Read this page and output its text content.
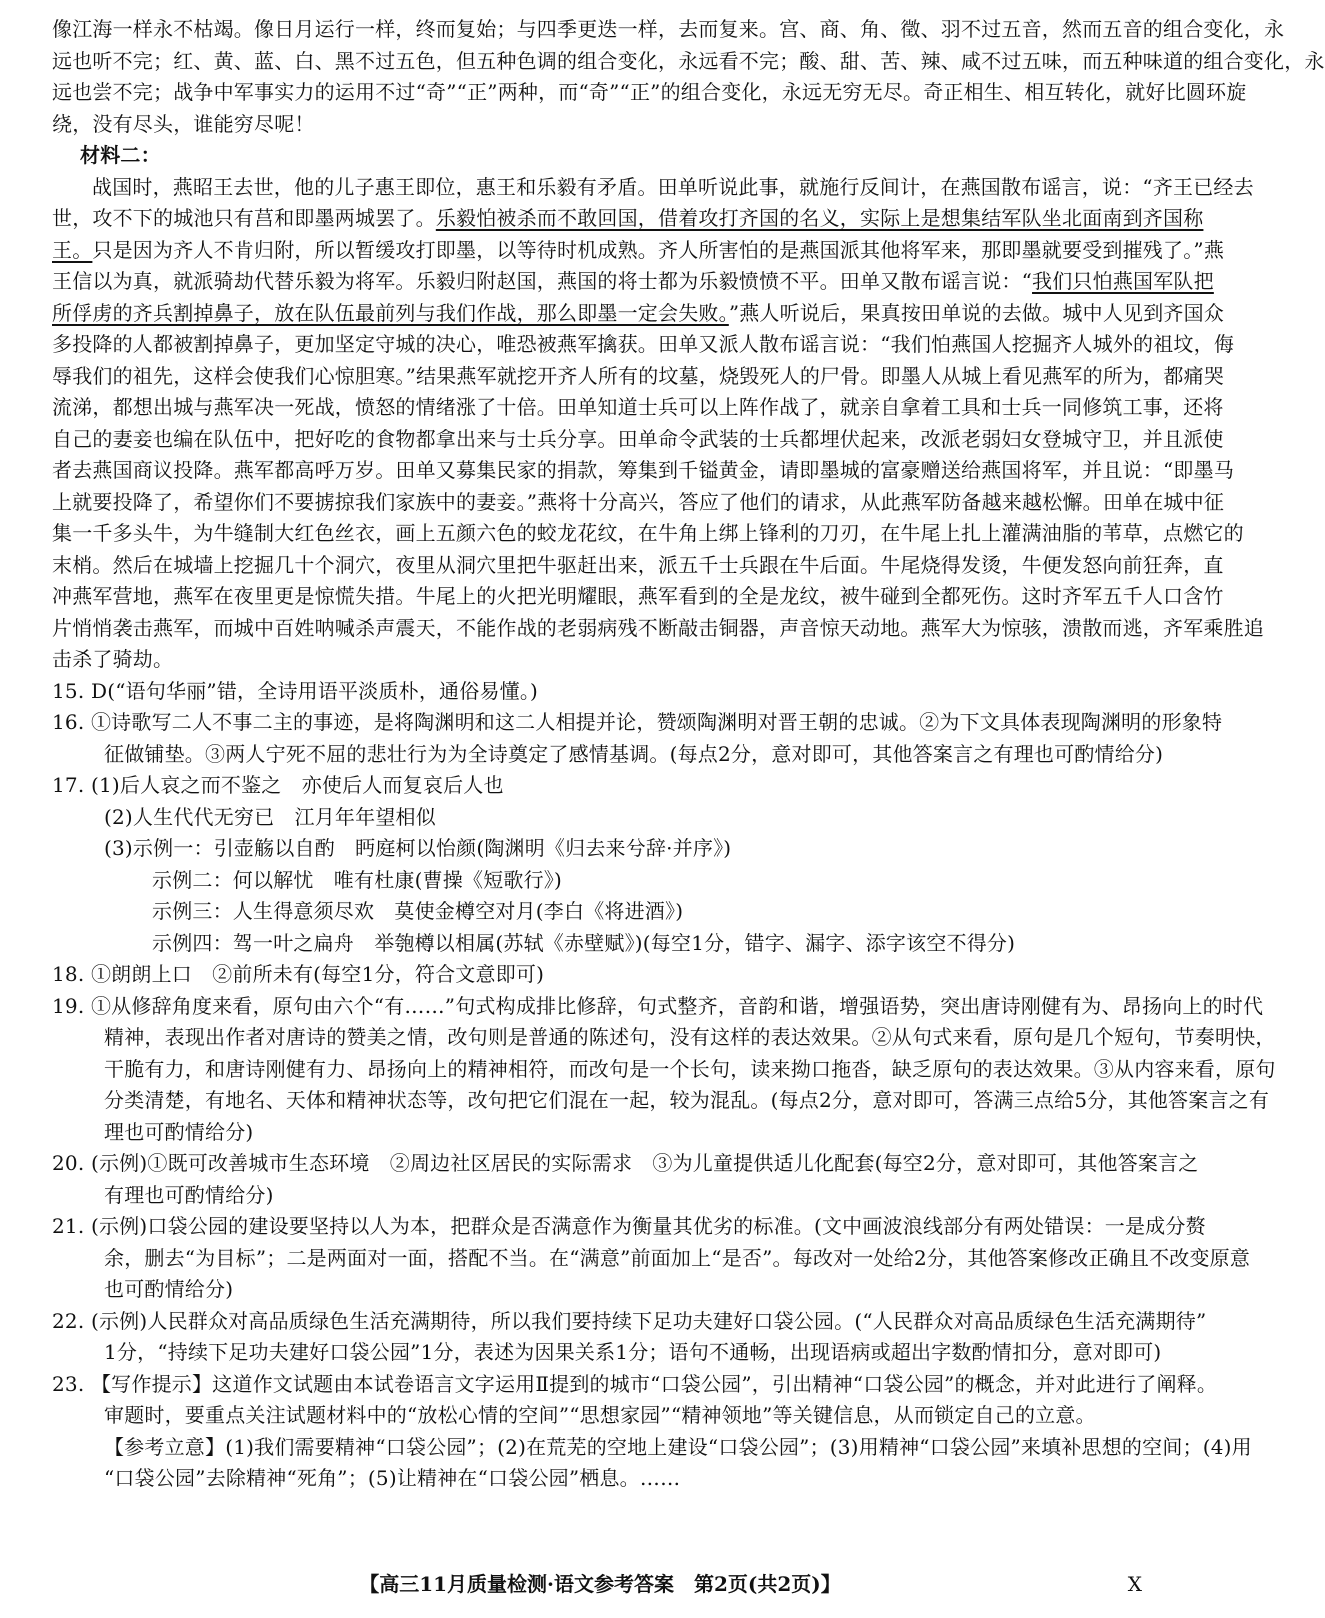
像江海一样永不枯竭。像日月运行一样，终而复始；与四季更迭一样，去而复来。宫、商、角、徵、羽不过五音，然而五音的组合变化，永
远也听不完；红、黄、蓝、白、黑不过五色，但五种色调的组合变化，永远看不完；酸、甜、苦、辣、咸不过五味，而五种味道的组合变化，永
远也尝不完；战争中军事实力的运用不过“奇”“正”两种，而“奇”“正”的组合变化，永远无穷无尽。奇正相生、相互转化，就好比圆环旋
绕，没有尽头，谁能穷尽呢！
材料二：
战国时，燕昭王去世，他的儿子惠王即位，惠王和乐毅有矛盾。田单听说此事，就施行反间计，在燕国散布谣言，说：“齐王已经去
世，攻不下的城池只有莒和即墨两城罢了。乐毅怕被杀而不敢回国，借着攻打齐国的名义，实际上是想集结军队坐北面南到齐国称
王。只是因为齐人不肯归附，所以暂缓攻打即墨，以等待时机成熟。齐人所害怕的是燕国派其他将军来，那即墨就要受到摧残了。”燕
王信以为真，就派骑劫代替乐毅为将军。乐毅归附赵国，燕国的将士都为乐毅愤愤不平。田单又散布谣言说：“我们只怕燕国军队把
所俘虏的齐兵割掉鼻子，放在队伍最前列与我们作战，那么即墨一定会失败。”燕人听说后，果真按田单说的去做。城中人见到齐国众
多投降的人都被割掉鼻子，更加坚定守城的决心，唯恐被燕军擒获。田单又派人散布谣言说：“我们怕燕国人挖掘齐人城外的祖坟，侮
辱我们的祖先，这样会使我们心惊胆寒。”结果燕军就挖开齐人所有的坟墓，烧毁死人的尸骨。即墨人从城上看见燕军的所为，都痛哭
流涕，都想出城与燕军决一死战，愤怒的情绪涨了十倍。田单知道士兵可以上阵作战了，就亲自拿着工具和士兵一同修筑工事，还将
自己的妻妾也编在队伍中，把好吃的食物都拿出来与士兵分享。田单命令武装的士兵都埋伏起来，改派老弱妇女登城守卫，并且派使
者去燕国商议投降。燕军都高呼万岁。田单又募集民家的捐款，筹集到千镒黄金，请即墨城的富豪赠送给燕国将军，并且说：“即墨马
上就要投降了，希望你们不要掳掠我们家族中的妻妾。”燕将十分高兴，答应了他们的请求，从此燕军防备越来越松懈。田单在城中征
集一千多头牛，为牛缝制大红色丝衣，画上五颜六色的蛟龙花纹，在牛角上绑上锋利的刀刃，在牛尾上扎上灌满油脂的苇草，点燃它的
末梢。然后在城墙上挖掘几十个洞穴，夜里从洞穴里把牛驱赶出来，派五千士兵跟在牛后面。牛尾烧得发烫，牛便发怒向前狂奔，直
冲燕军营地，燕军在夜里更是惊慌失措。牛尾上的火把光明耀眼，燕军看到的全是龙纹，被牛碰到全都死伤。这时齐军五千人口含竹
片悄悄袭击燕军，而城中百姓呐喊杀声震天，不能作战的老弱病残不断敲击铜器，声音惊天动地。燕军大为惊骇，溃散而逃，齐军乘胜追
击杀了骑劫。
15. D(“语句华丽”错，全诗用语平淡质朴，通俗易懂。)
16. ①诗歌写二人不事二主的事迹，是将陶渊明和这二人相提并论，赞颂陶渊明对晋王朝的忠诚。②为下文具体表现陶渊明的形象特
征做铺垫。③两人宁死不屈的悲壮行为为全诗奠定了感情基调。(每点2分，意对即可，其他答案言之有理也可酌情给分)
17. (1)后人哀之而不鉴之　亦使后人而复哀后人也
(2)人生代代无穷已　江月年年望相似
(3)示例一：引壶觞以自酌　眄庭柯以怡颜(陶渊明《归去来兮辞·并序》)
示例二：何以解忧　唯有杜康(曹操《短歌行》)
示例三：人生得意须尽欢　莫使金樽空对月(李白《将进酒》)
示例四：驾一叶之扁舟　举匏樽以相属(苏轼《赤壁赋》)(每空1分，错字、漏字、添字该空不得分)
18. ①朗朗上口　②前所未有(每空1分，符合文意即可)
19. ①从修辞角度来看，原句由六个“有……”句式构成排比修辞，句式整齐，音韵和谐，增强语势，突出唐诗刚健有为、昂扬向上的时代
精神，表现出作者对唐诗的赞美之情，改句则是普通的陈述句，没有这样的表达效果。②从句式来看，原句是几个短句，节奏明快，
干脆有力，和唐诗刚健有力、昂扬向上的精神相符，而改句是一个长句，读来拗口拖沓，缺乏原句的表达效果。③从内容来看，原句
分类清楚，有地名、天体和精神状态等，改句把它们混在一起，较为混乱。(每点2分，意对即可，答满三点给5分，其他答案言之有
理也可酌情给分)
20. (示例)①既可改善城市生态环境　②周边社区居民的实际需求　③为儿童提供适儿化配套(每空2分，意对即可，其他答案言之
有理也可酌情给分)
21. (示例)口袋公园的建设要坚持以人为本，把群众是否满意作为衡量其优劣的标准。(文中画波浪线部分有两处错误：一是成分赘
余，删去“为目标”；二是两面对一面，搭配不当。在“满意”前面加上“是否”。每改对一处给2分，其他答案修改正确且不改变原意
也可酌情给分)
22. (示例)人民群众对高品质绿色生活充满期待，所以我们要持续下足功夫建好口袋公园。(“人民群众对高品质绿色生活充满期待”
1分，“持续下足功夫建好口袋公园”1分，表述为因果关系1分；语句不通畅，出现语病或超出字数酌情扣分，意对即可)
23. 【写作提示】这道作文试题由本试卷语言文字运用Ⅱ提到的城市“口袋公园”，引出精神“口袋公园”的概念，并对此进行了阐释。
审题时，要重点关注试题材料中的“放松心情的空间”“思想家园”“精神领地”等关键信息，从而锁定自己的立意。
【参考立意】(1)我们需要精神“口袋公园”；(2)在荒芜的空地上建设“口袋公园”；(3)用精神“口袋公园”来填补思想的空间；(4)用
“口袋公园”去除精神“死角”；(5)让精神在“口袋公园”栖息。……
【高三11月质量检测·语文参考答案　第2页(共2页)】	X
